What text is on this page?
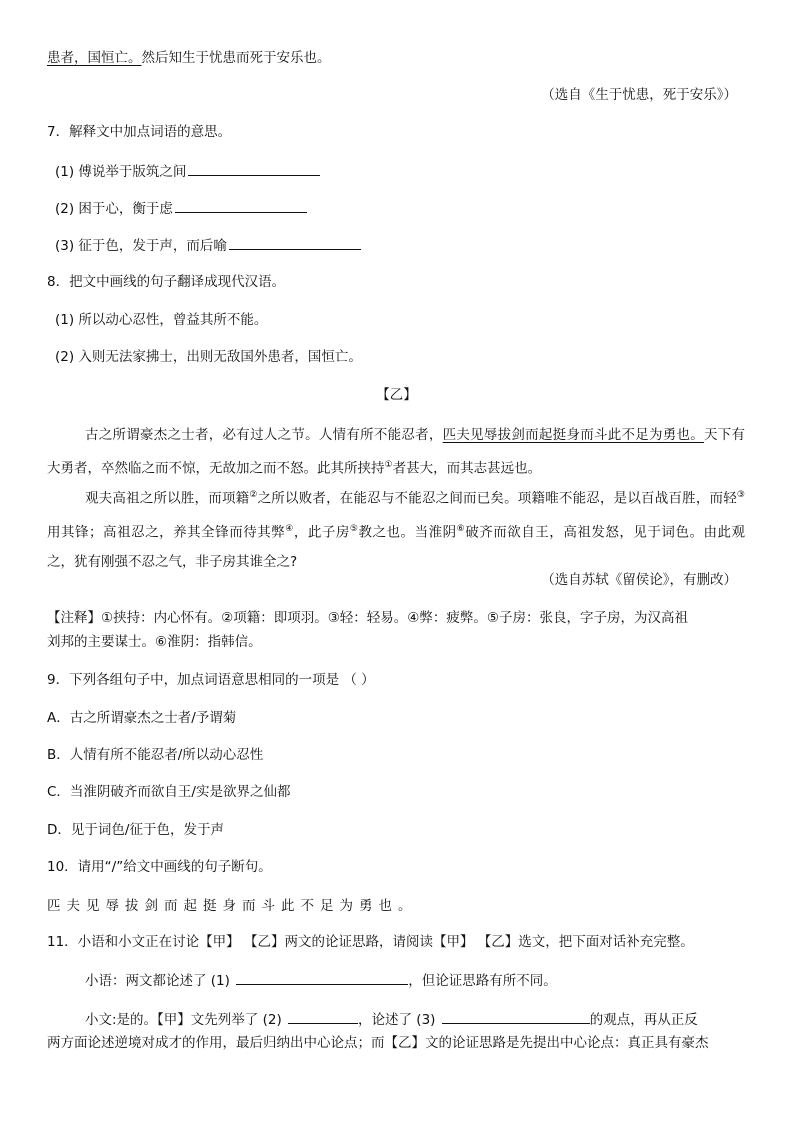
患者，国恒亡。然后知生于忧患而死于安乐也。
（选自《生于忧患，死于安乐》）
7．解释文中加点词语的意思。
(1) 傅说举于版筑之间
(2) 困于心，衡于虑
(3) 征于色，发于声，而后喻
8．把文中画线的句子翻译成现代汉语。
(1) 所以动心忍性，曾益其所不能。
(2) 入则无法家拂士，出则无敌国外患者，国恒亡。
【乙】
古之所谓豪杰之士者，必有过人之节。人情有所不能忍者，匹夫见辱拔剑而起挺身而斗此不足为勇也。天下有大勇者，卒然临之而不惊，无故加之而不怒。此其所挟持①者甚大，而其志甚远也。
观夫高祖之所以胜，而项籍②之所以败者，在能忍与不能忍之间而已矣。项籍唯不能忍，是以百战百胜，而轻③用其锋；高祖忍之，养其全锋而待其弊④，此子房⑤教之也。当淮阴⑥破齐而欲自王，高祖发怒，见于词色。由此观之，犹有刚强不忍之气，非子房其谁全之?
（选自苏轼《留侯论》，有删改）
【注释】①挟持：内心怀有。②项籍：即项羽。③轻：轻易。④弊：疲弊。⑤子房：张良，字子房，为汉高祖
刘邦的主要谋士。⑥淮阴：指韩信。
9．下列各组句子中，加点词语意思相同的一项是 （ ）
A．古之所谓豪杰之士者/予谓菊
B．人情有所不能忍者/所以动心忍性
C．当淮阴破齐而欲自王/实是欲界之仙都
D．见于词色/征于色，发于声
10．请用“/”给文中画线的句子断句。
匹夫见辱拔剑而起挺身而斗此不足为勇也。
11．小语和小文正在讨论【甲】 【乙】两文的论证思路，请阅读【甲】 【乙】选文，把下面对话补充完整。
小语：两文都论述了 (1)	，但论证思路有所不同。
小文:是的。【甲】文先列举了 (2)	，论述了 (3)	的观点，再从正反
两方面论述逆境对成才的作用，最后归纳出中心论点；而【乙】文的论证思路是先提出中心论点：真正具有豪杰
